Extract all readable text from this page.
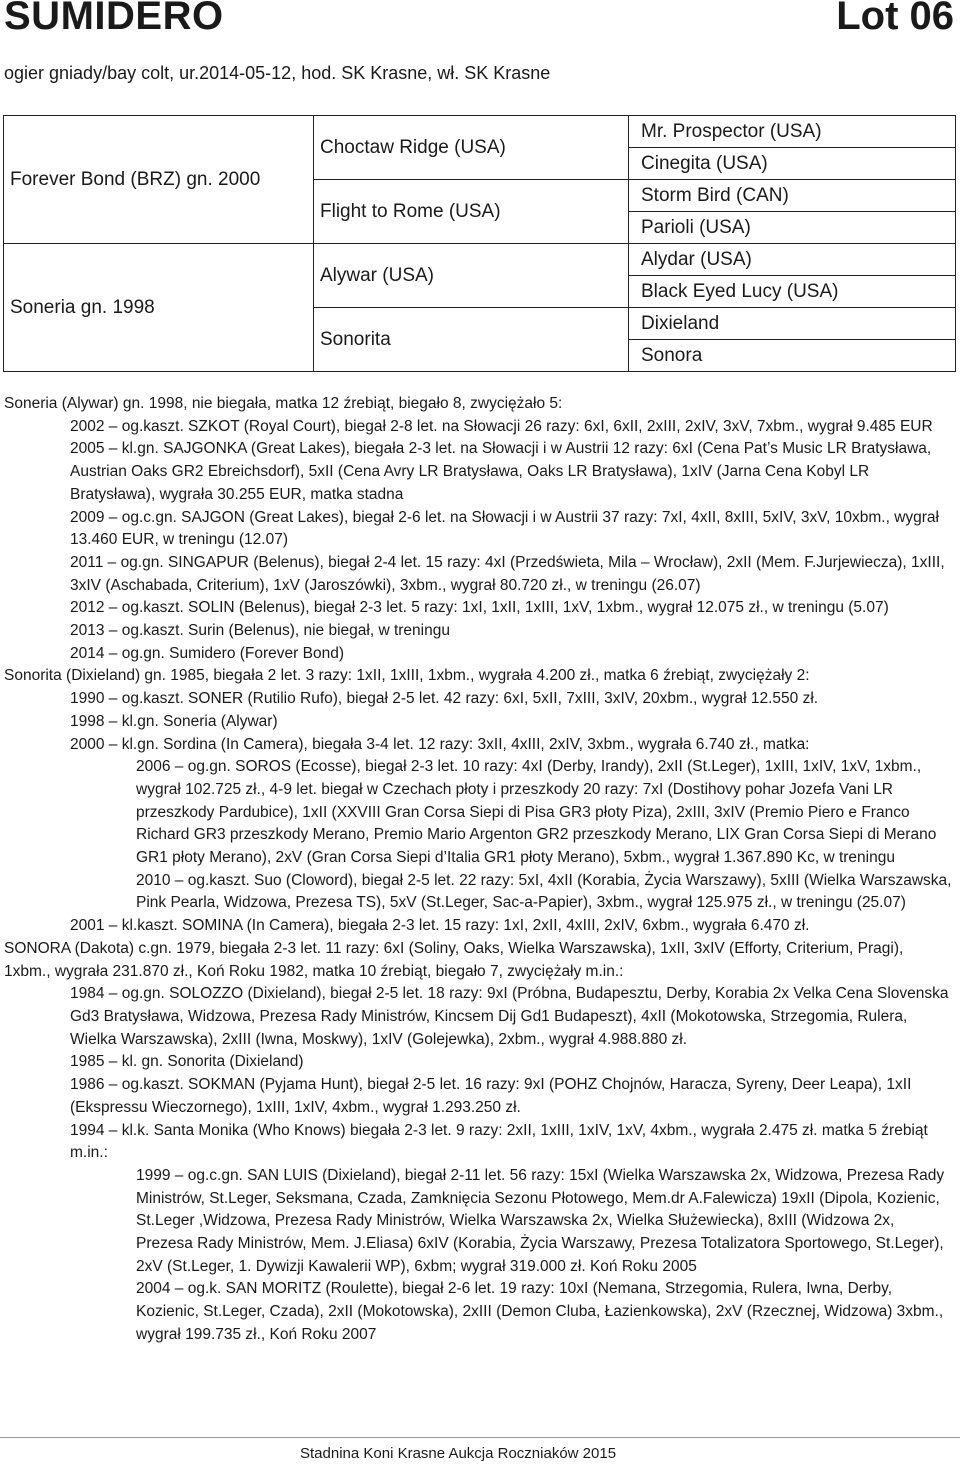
SUMIDERO	Lot 06
ogier gniady/bay colt, ur.2014-05-12, hod. SK Krasne, wł. SK Krasne
Forever Bond (BRZ) gn. 2000	Choctaw Ridge (USA)	Mr. Prospector (USA)
		Cinegita (USA)
	Flight to Rome (USA)	Storm Bird (CAN)
		Parioli (USA)
Soneria gn. 1998	Alywar (USA)	Alydar (USA)
		Black Eyed Lucy (USA)
	Sonorita	Dixieland
		Sonora

Soneria (Alywar) gn. 1998, nie biegała, matka 12 źrebiąt, biegało 8, zwyciężało 5:

2002 – og.kaszt. SZKOT (Royal Court), biegał 2-8 let. na Słowacji 26 razy: 6xI, 6xII, 2xIII, 2xIV, 3xV, 7xbm., wygrał 9.485 EUR

2005 – kl.gn. SAJGONKA (Great Lakes), biegała 2-3 let. na Słowacji i w Austrii 12 razy: 6xI (Cena Pat’s Music LR Bratysława, Austrian Oaks GR2 Ebreichsdorf), 5xII (Cena Avry LR Bratysława, Oaks LR Bratysława), 1xIV (Jarna Cena Kobyl LR Bratysława), wygrała 30.255 EUR, matka stadna

2009 – og.c.gn. SAJGON (Great Lakes), biegał 2-6 let. na Słowacji i w Austrii 37 razy: 7xI, 4xII, 8xIII, 5xIV, 3xV, 10xbm., wygrał 13.460 EUR, w treningu (12.07)

2011 – og.gn. SINGAPUR (Belenus), biegał 2-4 let. 15 razy: 4xI (Przedświeta, Mila – Wrocław), 2xII (Mem. F.Jurjewiecza), 1xIII, 3xIV (Aschabada, Criterium), 1xV (Jaroszówki), 3xbm., wygrał 80.720 zł., w treningu (26.07)

2012 – og.kaszt. SOLIN (Belenus), biegał 2-3 let. 5 razy: 1xI, 1xII, 1xIII, 1xV, 1xbm., wygrał 12.075 zł., w treningu (5.07)

2013 – og.kaszt. Surin (Belenus), nie biegał, w treningu

2014 – og.gn. Sumidero (Forever Bond)

Sonorita (Dixieland) gn. 1985, biegała 2 let. 3 razy: 1xII, 1xIII, 1xbm., wygrała 4.200 zł., matka 6 źrebiąt, zwyciężały 2:

1990 – og.kaszt. SONER (Rutilio Rufo), biegał 2-5 let. 42 razy: 6xI, 5xII, 7xIII, 3xIV, 20xbm., wygrał 12.550 zł.

1998 – kl.gn. Soneria (Alywar)

2000 – kl.gn. Sordina (In Camera), biegała 3-4 let. 12 razy: 3xII, 4xIII, 2xIV, 3xbm., wygrała 6.740 zł., matka:

2006 – og.gn. SOROS (Ecosse), biegał 2-3 let. 10 razy: 4xI (Derby, Irandy), 2xII (St.Leger), 1xIII, 1xIV, 1xV, 1xbm., wygrał 102.725 zł., 4-9 let. biegał w Czechach płoty i przeszkody 20 razy: 7xI (Dostihovy pohar Jozefa Vani LR przeszkody Pardubice), 1xII (XXVIII Gran Corsa Siepi di Pisa GR3 płoty Piza), 2xIII, 3xIV (Premio Piero e Franco Richard GR3 przeszkody Merano, Premio Mario Argenton GR2 przeszkody Merano, LIX Gran Corsa Siepi di Merano GR1 płoty Merano), 2xV (Gran Corsa Siepi d’Italia GR1 płoty Merano), 5xbm., wygrał 1.367.890 Kc, w treningu

2010 – og.kaszt. Suo (Cloword), biegał 2-5 let. 22 razy: 5xI, 4xII (Korabia, Życia Warszawy), 5xIII (Wielka Warszawska, Pink Pearla, Widzowa, Prezesa TS), 5xV (St.Leger, Sac-a-Papier), 3xbm., wygrał 125.975 zł., w treningu (25.07)

2001 – kl.kaszt. SOMINA (In Camera), biegała 2-3 let. 15 razy: 1xI, 2xII, 4xIII, 2xIV, 6xbm., wygrała 6.470 zł.

SONORA (Dakota) c.gn. 1979, biegała 2-3 let. 11 razy: 6xI (Soliny, Oaks, Wielka Warszawska), 1xII, 3xIV (Efforty, Criterium, Pragi), 1xbm., wygrała 231.870 zł., Koń Roku 1982, matka 10 źrebiąt, biegało 7, zwyciężały m.in.:

1984 – og.gn. SOLOZZO (Dixieland), biegał 2-5 let. 18 razy: 9xI (Próbna, Budapesztu, Derby, Korabia 2x Velka Cena Slovenska Gd3 Bratysława, Widzowa, Prezesa Rady Ministrów, Kincsem Dij Gd1 Budapeszt), 4xII (Mokotowska, Strzegomia, Rulera, Wielka Warszawska), 2xIII (Iwna, Moskwy), 1xIV (Golejewka), 2xbm., wygrał 4.988.880 zł.

1985 – kl. gn. Sonorita (Dixieland)

1986 – og.kaszt. SOKMAN (Pyjama Hunt), biegał 2-5 let. 16 razy: 9xI (POHZ Chojnów, Haracza, Syreny, Deer Leapa), 1xII (Ekspressu Wieczornego), 1xIII, 1xIV, 4xbm., wygrał 1.293.250 zł.

1994 – kl.k. Santa Monika (Who Knows) biegała 2-3 let. 9 razy: 2xII, 1xIII, 1xIV, 1xV, 4xbm., wygrała 2.475 zł. matka 5 źrebiąt m.in.:

1999 – og.c.gn. SAN LUIS (Dixieland), biegał 2-11 let. 56 razy: 15xI (Wielka Warszawska 2x, Widzowa, Prezesa Rady Ministrów, St.Leger, Seksmana, Czada, Zamknięcia Sezonu Płotowego, Mem.dr A.Falewicza) 19xII (Dipola, Kozienic, St.Leger ,Widzowa, Prezesa Rady Ministrów, Wielka Warszawska 2x, Wielka Służewiecka), 8xIII (Widzowa 2x, Prezesa Rady Ministrów, Mem. J.Eliasa) 6xIV (Korabia, Życia Warszawy, Prezesa Totalizatora Sportowego, St.Leger), 2xV (St.Leger, 1. Dywizji Kawalerii WP), 6xbm; wygrał 319.000 zł. Koń Roku 2005

2004 – og.k. SAN MORITZ (Roulette), biegał 2-6 let. 19 razy: 10xI (Nemana, Strzegomia, Rulera, Iwna, Derby, Kozienic, St.Leger, Czada), 2xII (Mokotowska), 2xIII (Demon Cluba, Łazienkowska), 2xV (Rzecznej, Widzowa) 3xbm., wygrał 199.735 zł., Koń Roku 2007

Stadnina Koni Krasne Aukcja Roczniaków 2015
